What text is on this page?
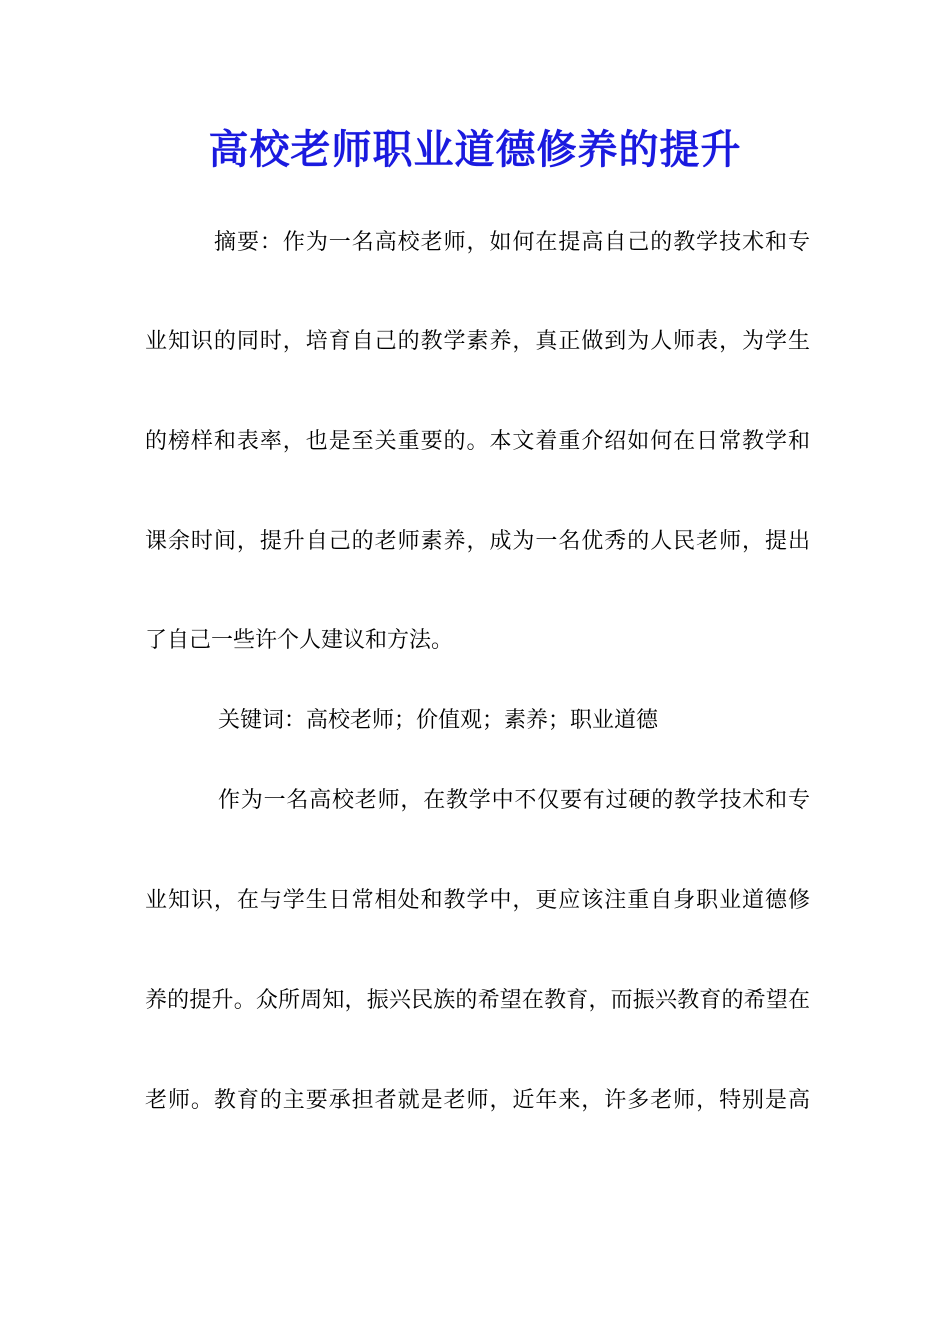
高校老师职业道德修养的提升

摘要：作为一名高校老师，如何在提高自己的教学技术和专

业知识的同时，培育自己的教学素养，真正做到为人师表，为学生

的榜样和表率，也是至关重要的。本文着重介绍如何在日常教学和

课余时间，提升自己的老师素养，成为一名优秀的人民老师，提出

了自己一些许个人建议和方法。

关键词：高校老师；价值观；素养；职业道德

作为一名高校老师，在教学中不仅要有过硬的教学技术和专

业知识，在与学生日常相处和教学中，更应该注重自身职业道德修

养的提升。众所周知，振兴民族的希望在教育，而振兴教育的希望在

老师。教育的主要承担者就是老师，近年来，许多老师，特别是高
